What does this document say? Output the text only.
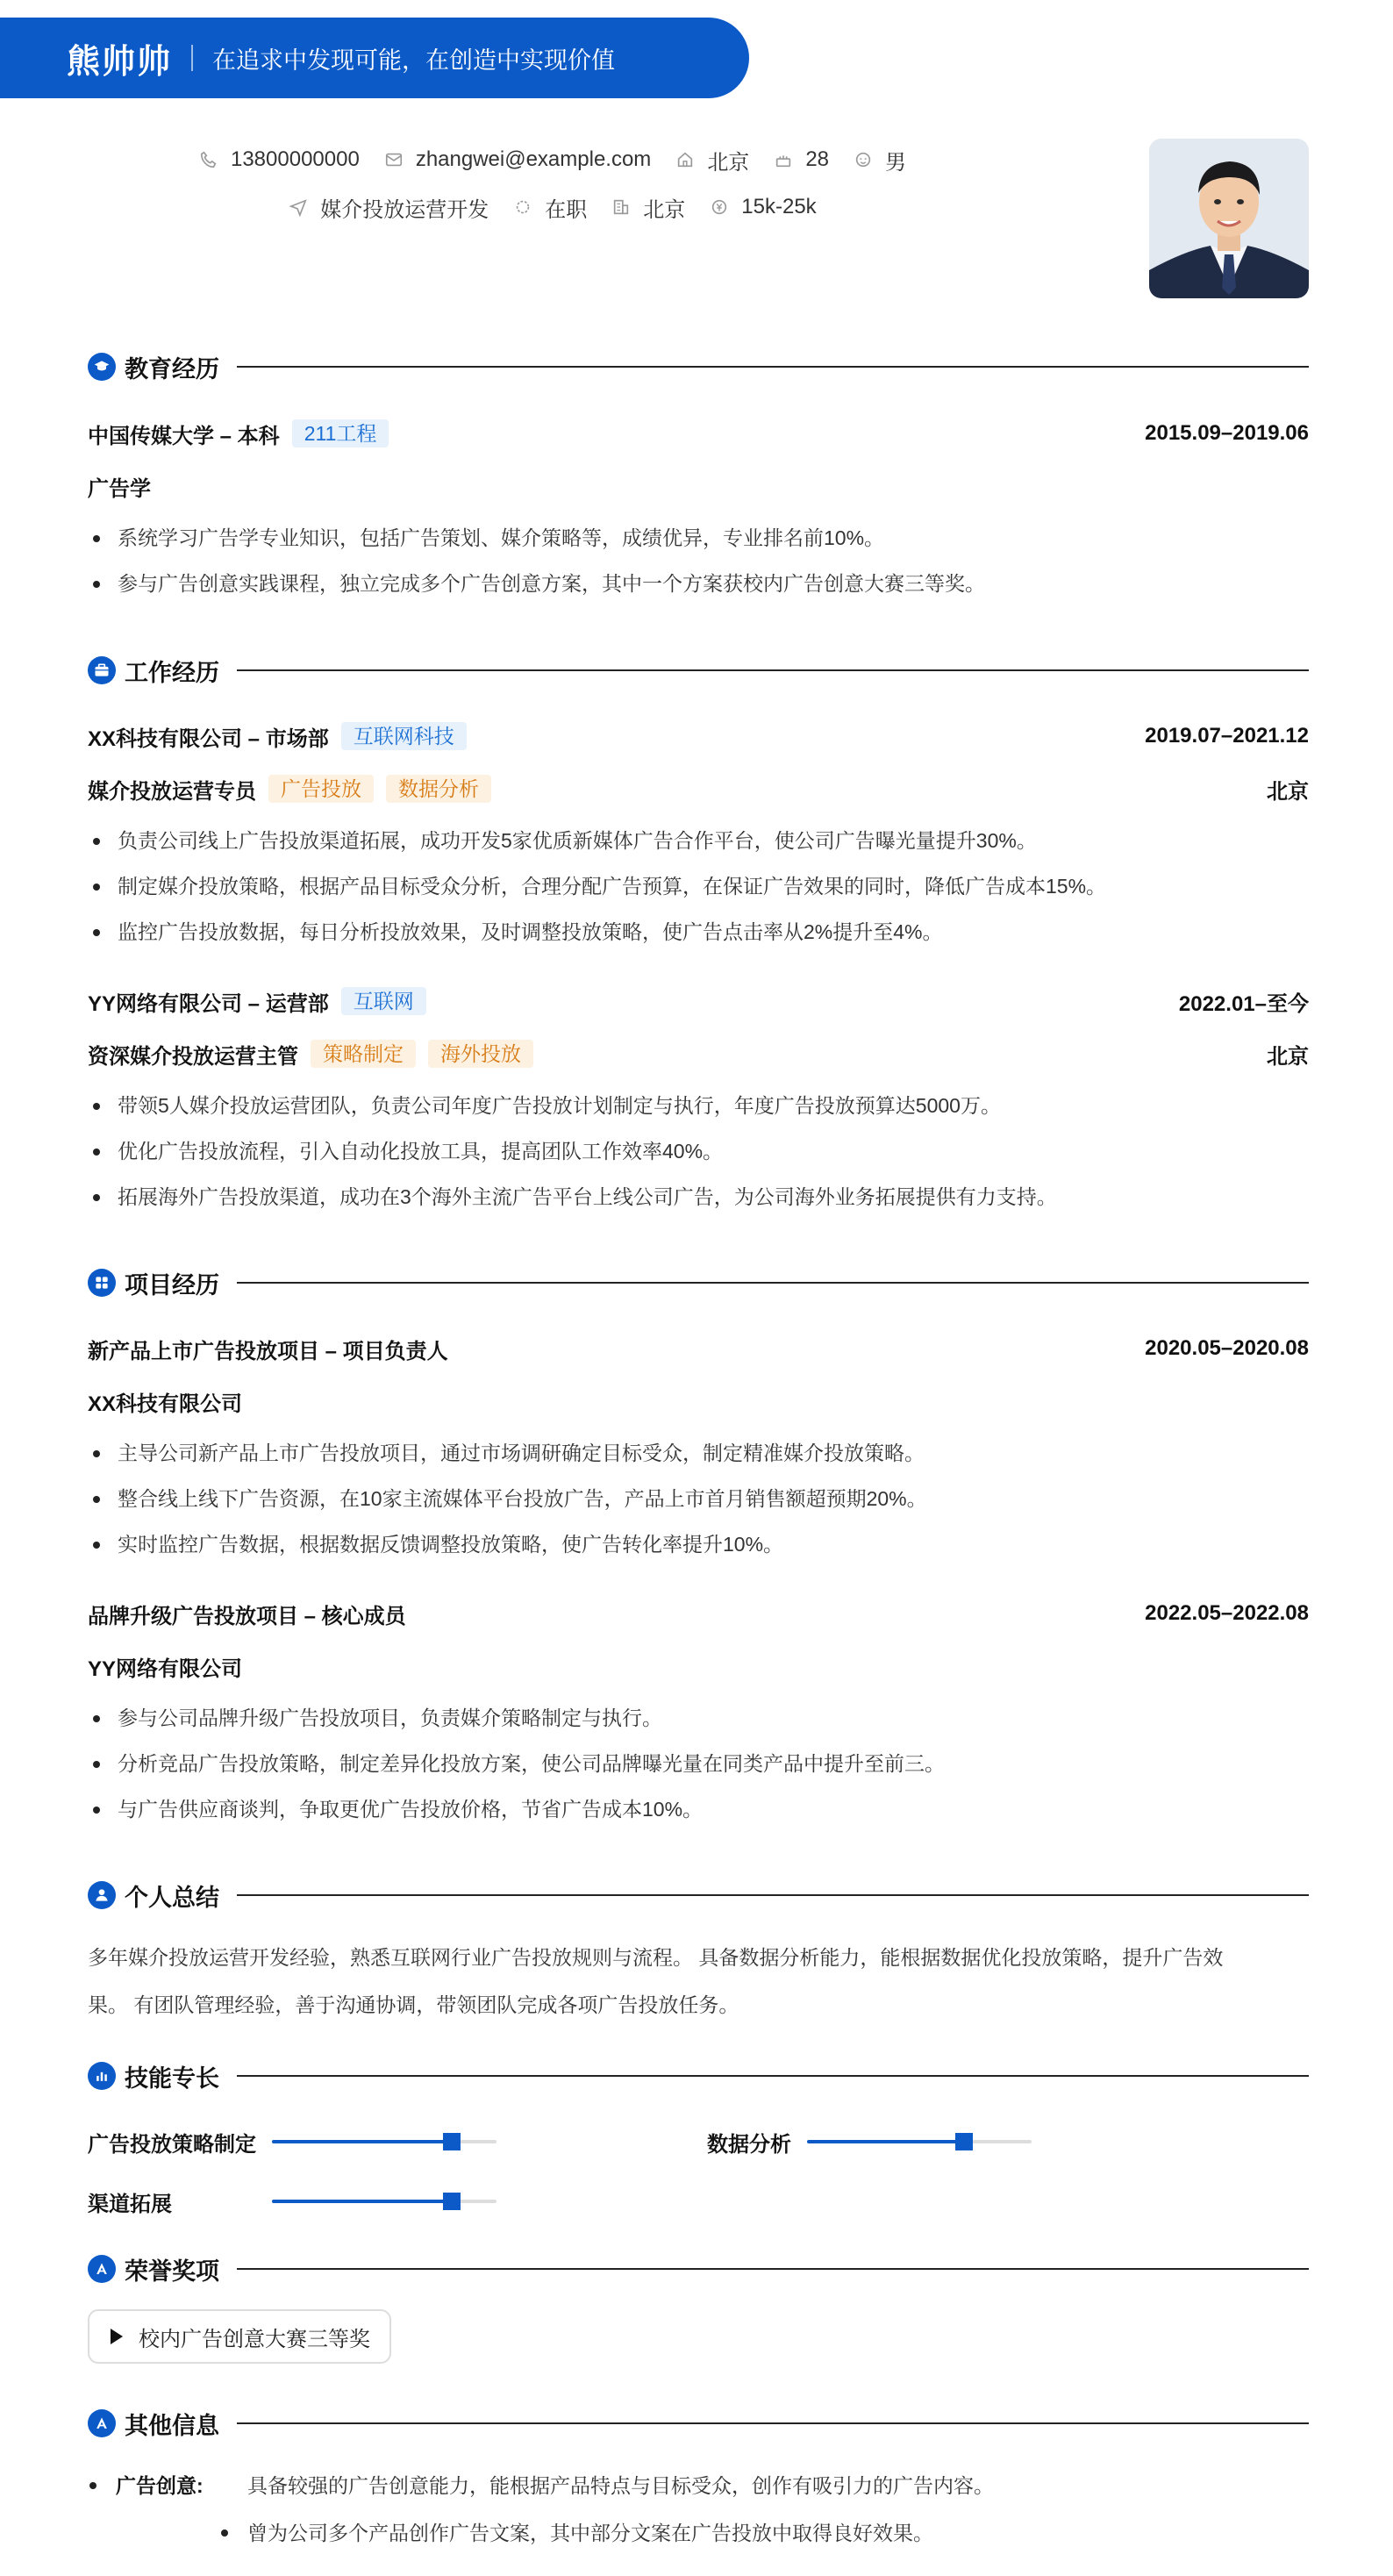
熊帅帅 在追求中发现可能，在创造中实现价值
13800000000	zhangwei@example.com	北京	28	男
媒介投放运营开发	在职	北京	15k-25k
教育经历
中国传媒大学 – 本科	211工程	2015.09–2019.06
广告学
系统学习广告学专业知识，包括广告策划、媒介策略等，成绩优异，专业排名前10%。
参与广告创意实践课程，独立完成多个广告创意方案，其中一个方案获校内广告创意大赛三等奖。
工作经历
XX科技有限公司 – 市场部	互联网科技	2019.07–2021.12
媒介投放运营专员	广告投放	数据分析	北京
负责公司线上广告投放渠道拓展，成功开发5家优质新媒体广告合作平台，使公司广告曝光量提升30%。
制定媒介投放策略，根据产品目标受众分析，合理分配广告预算，在保证广告效果的同时，降低广告成本15%。
监控广告投放数据，每日分析投放效果，及时调整投放策略，使广告点击率从2%提升至4%。
YY网络有限公司 – 运营部	互联网	2022.01–至今
资深媒介投放运营主管	策略制定	海外投放	北京
带领5人媒介投放运营团队，负责公司年度广告投放计划制定与执行，年度广告投放预算达5000万。
优化广告投放流程，引入自动化投放工具，提高团队工作效率40%。
拓展海外广告投放渠道，成功在3个海外主流广告平台上线公司广告，为公司海外业务拓展提供有力支持。
项目经历
新产品上市广告投放项目 – 项目负责人	2020.05–2020.08
XX科技有限公司
主导公司新产品上市广告投放项目，通过市场调研确定目标受众，制定精准媒介投放策略。
整合线上线下广告资源，在10家主流媒体平台投放广告，产品上市首月销售额超预期20%。
实时监控广告数据，根据数据反馈调整投放策略，使广告转化率提升10%。
品牌升级广告投放项目 – 核心成员	2022.05–2022.08
YY网络有限公司
参与公司品牌升级广告投放项目，负责媒介策略制定与执行。
分析竞品广告投放策略，制定差异化投放方案，使公司品牌曝光量在同类产品中提升至前三。
与广告供应商谈判，争取更优广告投放价格，节省广告成本10%。
个人总结
多年媒介投放运营开发经验，熟悉互联网行业广告投放规则与流程。 具备数据分析能力，能根据数据优化投放策略，提升广告效
果。 有团队管理经验，善于沟通协调，带领团队完成各项广告投放任务。
技能专长
广告投放策略制定	数据分析
渠道拓展
荣誉奖项
校内广告创意大赛三等奖
其他信息
广告创意: 具备较强的广告创意能力，能根据产品特点与目标受众，创作有吸引力的广告内容。
曾为公司多个产品创作广告文案，其中部分文案在广告投放中取得良好效果。
